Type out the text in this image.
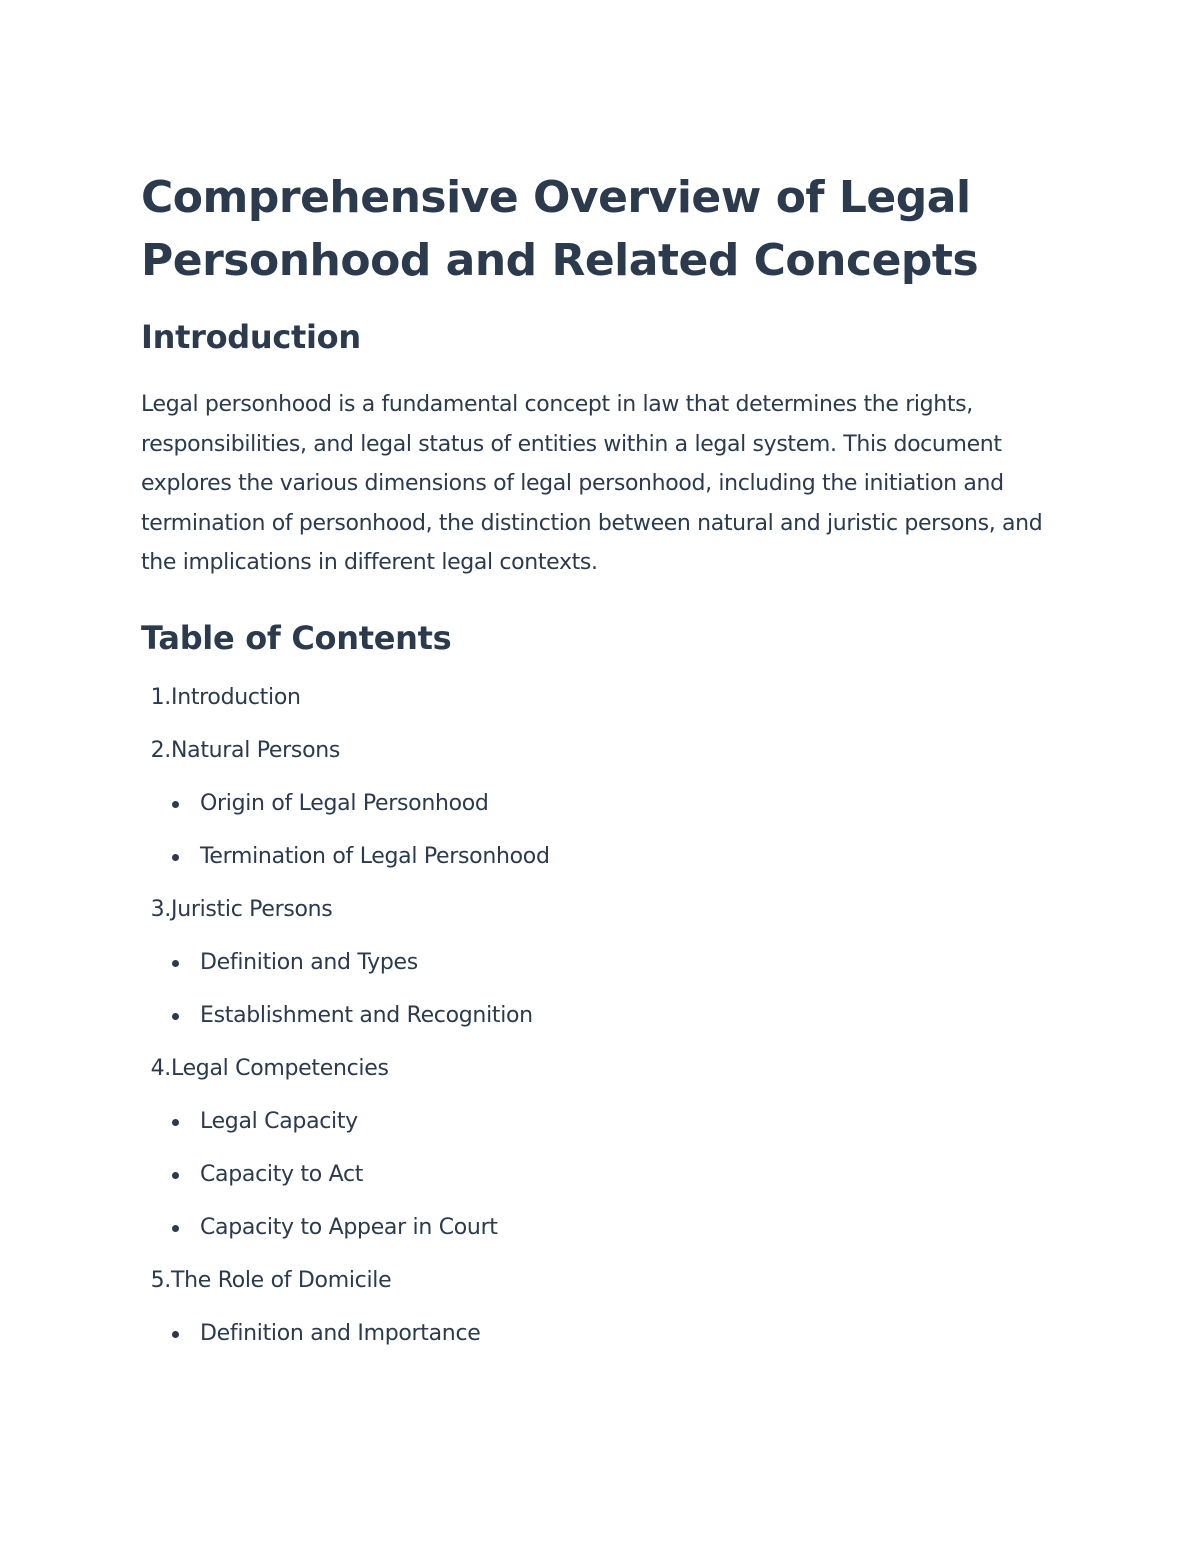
Comprehensive Overview of Legal Personhood and Related Concepts
Introduction

Legal personhood is a fundamental concept in law that determines the rights, responsibilities, and legal status of entities within a legal system. This document explores the various dimensions of legal personhood, including the initiation and termination of personhood, the distinction between natural and juristic persons, and the implications in different legal contexts.

Table of Contents
1. Introduction
2. Natural Persons
Origin of Legal Personhood
Termination of Legal Personhood
3. Juristic Persons
Definition and Types
Establishment and Recognition
4. Legal Competencies
Legal Capacity
Capacity to Act
Capacity to Appear in Court
5. The Role of Domicile
Definition and Importance
